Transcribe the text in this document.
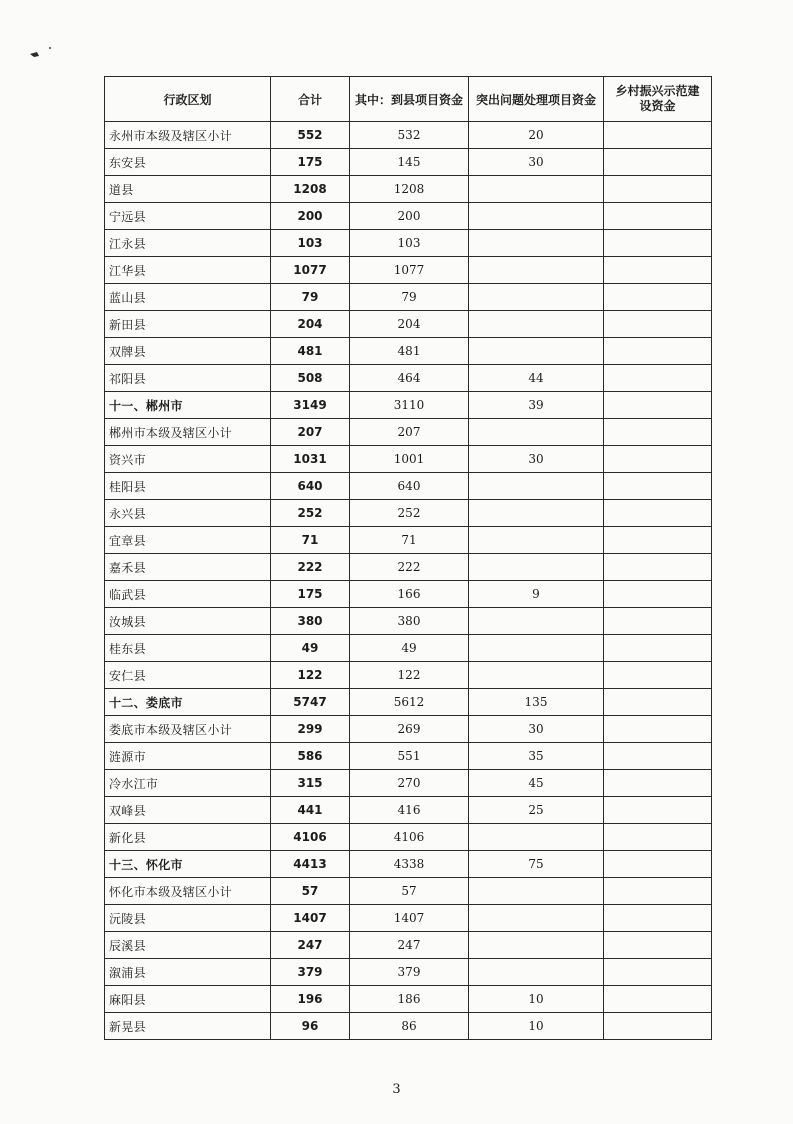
行政区划	合计	其中：到县项目资金	突出问题处理项目资金	乡村振兴示范建设资金
永州市本级及辖区小计	552	532	20	
东安县	175	145	30	
道县	1208	1208		
宁远县	200	200		
江永县	103	103		
江华县	1077	1077		
蓝山县	79	79		
新田县	204	204		
双牌县	481	481		
祁阳县	508	464	44	
十一、郴州市	3149	3110	39	
郴州市本级及辖区小计	207	207		
资兴市	1031	1001	30	
桂阳县	640	640		
永兴县	252	252		
宜章县	71	71		
嘉禾县	222	222		
临武县	175	166	9	
汝城县	380	380		
桂东县	49	49		
安仁县	122	122		
十二、娄底市	5747	5612	135	
娄底市本级及辖区小计	299	269	30	
涟源市	586	551	35	
冷水江市	315	270	45	
双峰县	441	416	25	
新化县	4106	4106		
十三、怀化市	4413	4338	75	
怀化市本级及辖区小计	57	57		
沅陵县	1407	1407		
辰溪县	247	247		
溆浦县	379	379		
麻阳县	196	186	10	
新晃县	96	86	10	
3
